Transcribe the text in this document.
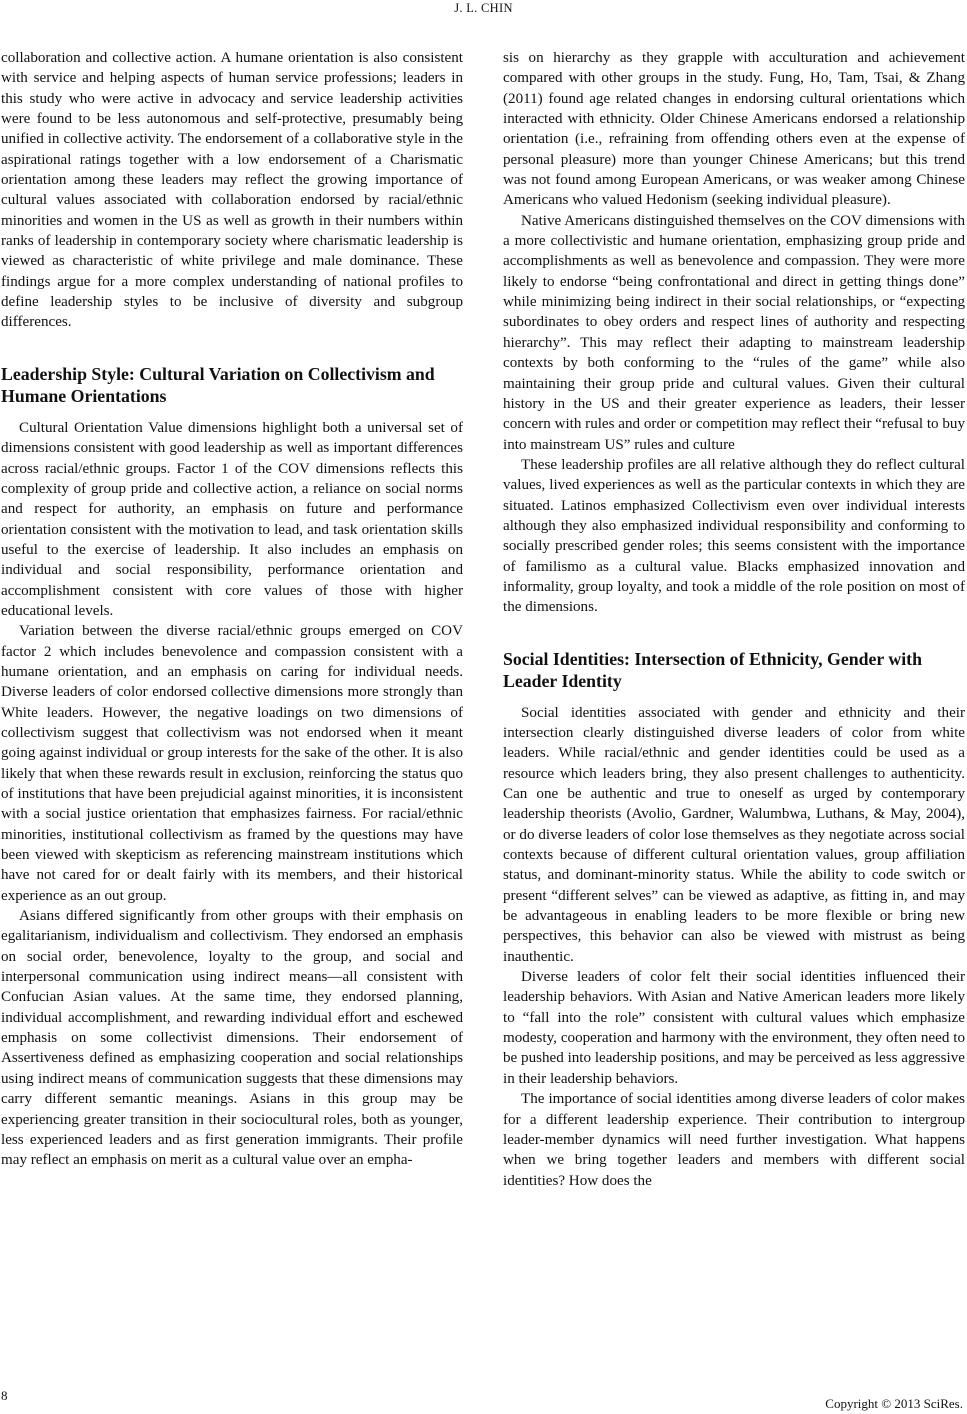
J. L. CHIN

collaboration and collective action. A humane orientation is also consistent with service and helping aspects of human service professions; leaders in this study who were active in advocacy and service leadership activities were found to be less autonomous and self-protective, presumably being unified in collective activity. The endorsement of a collaborative style in the aspirational ratings together with a low endorsement of a Charismatic orientation among these leaders may reflect the growing importance of cultural values associated with collaboration endorsed by racial/ethnic minorities and women in the US as well as growth in their numbers within ranks of leadership in contemporary society where charismatic leadership is viewed as characteristic of white privilege and male dominance. These findings argue for a more complex understanding of national profiles to define leadership styles to be inclusive of diversity and subgroup differences.

Leadership Style: Cultural Variation on Collectivism and Humane Orientations

Cultural Orientation Value dimensions highlight both a universal set of dimensions consistent with good leadership as well as important differences across racial/ethnic groups. Factor 1 of the COV dimensions reflects this complexity of group pride and collective action, a reliance on social norms and respect for authority, an emphasis on future and performance orientation consistent with the motivation to lead, and task orientation skills useful to the exercise of leadership. It also includes an emphasis on individual and social responsibility, performance orientation and accomplishment consistent with core values of those with higher educational levels.

Variation between the diverse racial/ethnic groups emerged on COV factor 2 which includes benevolence and compassion consistent with a humane orientation, and an emphasis on caring for individual needs. Diverse leaders of color endorsed collective dimensions more strongly than White leaders. However, the negative loadings on two dimensions of collectivism suggest that collectivism was not endorsed when it meant going against individual or group interests for the sake of the other. It is also likely that when these rewards result in exclusion, reinforcing the status quo of institutions that have been prejudicial against minorities, it is inconsistent with a social justice orientation that emphasizes fairness. For racial/ethnic minorities, institutional collectivism as framed by the questions may have been viewed with skepticism as referencing mainstream institutions which have not cared for or dealt fairly with its members, and their historical experience as an out group.

Asians differed significantly from other groups with their emphasis on egalitarianism, individualism and collectivism. They endorsed an emphasis on social order, benevolence, loyalty to the group, and social and interpersonal communication using indirect means—all consistent with Confucian Asian values. At the same time, they endorsed planning, individual accomplishment, and rewarding individual effort and eschewed emphasis on some collectivist dimensions. Their endorsement of Assertiveness defined as emphasizing cooperation and social relationships using indirect means of communication suggests that these dimensions may carry different semantic meanings. Asians in this group may be experiencing greater transition in their sociocultural roles, both as younger, less experienced leaders and as first generation immigrants. Their profile may reflect an emphasis on merit as a cultural value over an empha-

sis on hierarchy as they grapple with acculturation and achievement compared with other groups in the study. Fung, Ho, Tam, Tsai, & Zhang (2011) found age related changes in endorsing cultural orientations which interacted with ethnicity. Older Chinese Americans endorsed a relationship orientation (i.e., refraining from offending others even at the expense of personal pleasure) more than younger Chinese Americans; but this trend was not found among European Americans, or was weaker among Chinese Americans who valued Hedonism (seeking individual pleasure).

Native Americans distinguished themselves on the COV dimensions with a more collectivistic and humane orientation, emphasizing group pride and accomplishments as well as benevolence and compassion. They were more likely to endorse “being confrontational and direct in getting things done” while minimizing being indirect in their social relationships, or “expecting subordinates to obey orders and respect lines of authority and respecting hierarchy”. This may reflect their adapting to mainstream leadership contexts by both conforming to the “rules of the game” while also maintaining their group pride and cultural values. Given their cultural history in the US and their greater experience as leaders, their lesser concern with rules and order or competition may reflect their “refusal to buy into mainstream US” rules and culture

These leadership profiles are all relative although they do reflect cultural values, lived experiences as well as the particular contexts in which they are situated. Latinos emphasized Collectivism even over individual interests although they also emphasized individual responsibility and conforming to socially prescribed gender roles; this seems consistent with the importance of familismo as a cultural value. Blacks emphasized innovation and informality, group loyalty, and took a middle of the role position on most of the dimensions.

Social Identities: Intersection of Ethnicity, Gender with Leader Identity

Social identities associated with gender and ethnicity and their intersection clearly distinguished diverse leaders of color from white leaders. While racial/ethnic and gender identities could be used as a resource which leaders bring, they also present challenges to authenticity. Can one be authentic and true to oneself as urged by contemporary leadership theorists (Avolio, Gardner, Walumbwa, Luthans, & May, 2004), or do diverse leaders of color lose themselves as they negotiate across social contexts because of different cultural orientation values, group affiliation status, and dominant-minority status. While the ability to code switch or present “different selves” can be viewed as adaptive, as fitting in, and may be advantageous in enabling leaders to be more flexible or bring new perspectives, this behavior can also be viewed with mistrust as being inauthentic.

Diverse leaders of color felt their social identities influenced their leadership behaviors. With Asian and Native American leaders more likely to “fall into the role” consistent with cultural values which emphasize modesty, cooperation and harmony with the environment, they often need to be pushed into leadership positions, and may be perceived as less aggressive in their leadership behaviors.

The importance of social identities among diverse leaders of color makes for a different leadership experience. Their contribution to intergroup leader-member dynamics will need further investigation. What happens when we bring together leaders and members with different social identities? How does the

8
Copyright © 2013 SciRes.
